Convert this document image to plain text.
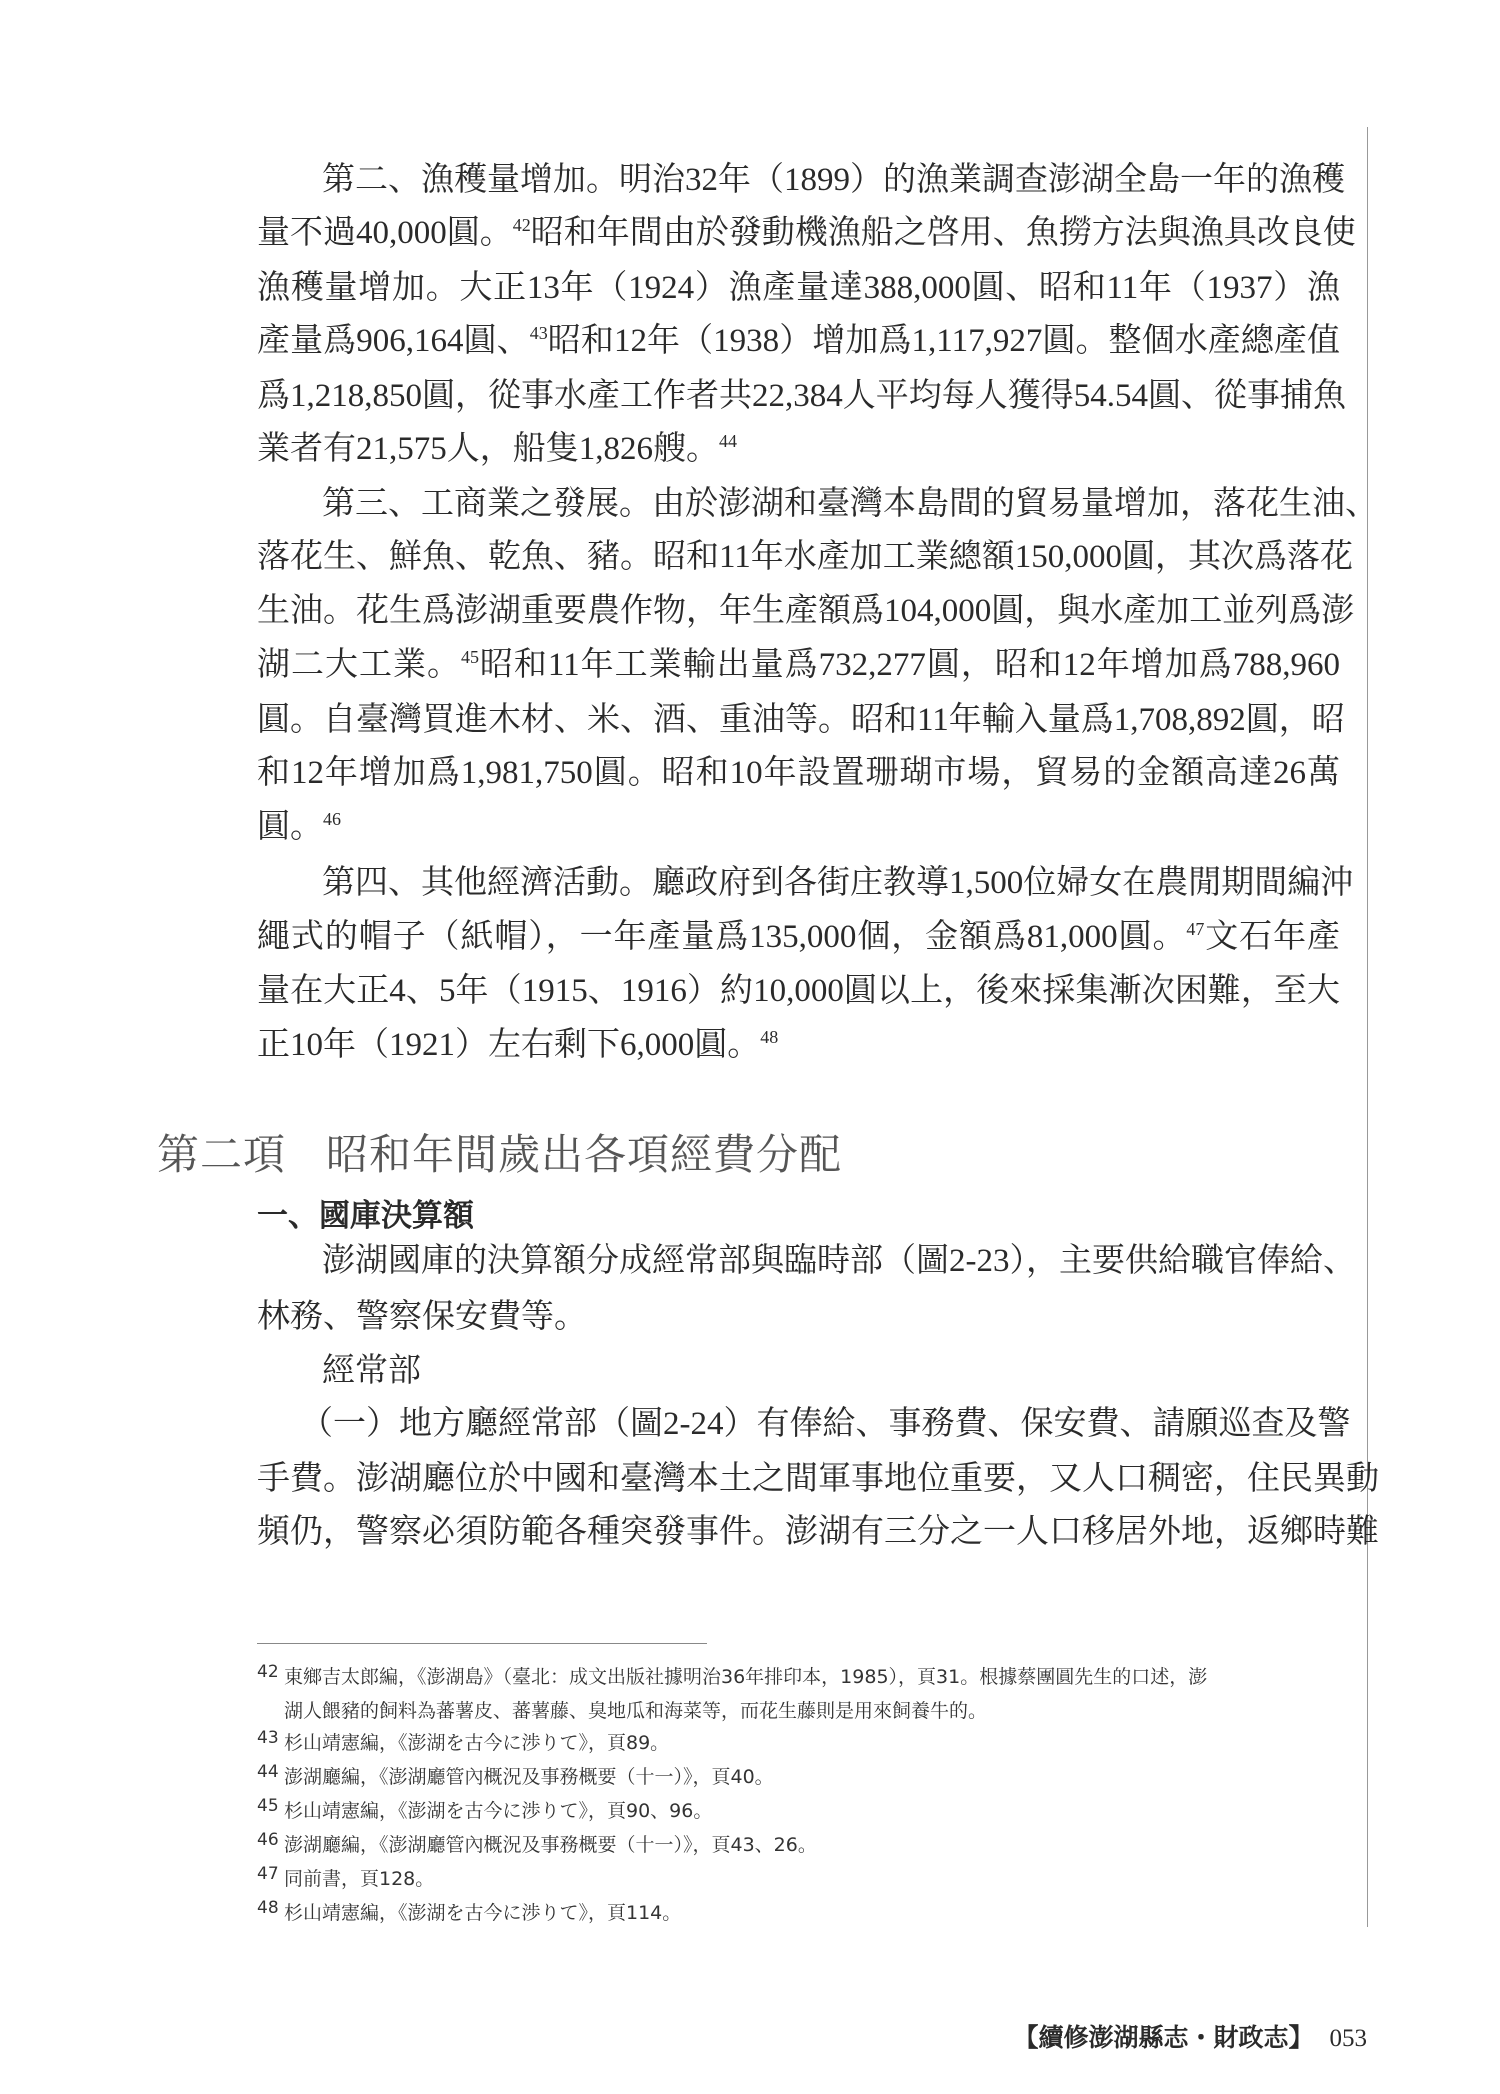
第二、漁穫量增加。明治32年（1899）的漁業調查澎湖全島一年的漁穫
量不過40,000圓。$^{42}$昭和年間由於發動機漁船之啓用、魚撈方法與漁具改良使
漁穫量增加。大正13年（1924）漁產量達388,000圓、昭和11年（1937）漁
產量爲906,164圓、$^{43}$昭和12年（1938）增加爲1,117,927圓。整個水產總產值
爲1,218,850圓，從事水產工作者共22,384人平均每人獲得54.54圓、從事捕魚
業者有21,575人，船隻1,826艘。$^{44}$
第三、工商業之發展。由於澎湖和臺灣本島間的貿易量增加，落花生油、
落花生、鮮魚、乾魚、豬。昭和11年水產加工業總額150,000圓，其次爲落花
生油。花生爲澎湖重要農作物，年生產額爲104,000圓，與水產加工並列爲澎
湖二大工業。$^{45}$昭和11年工業輸出量爲732,277圓，昭和12年增加爲788,960
圓。自臺灣買進木材、米、酒、重油等。昭和11年輸入量爲1,708,892圓，昭
和12年增加爲1,981,750圓。昭和10年設置珊瑚市場，貿易的金額高達26萬
圓。$^{46}$
第四、其他經濟活動。廳政府到各街庄教導1,500位婦女在農閒期間編沖
繩式的帽子（紙帽），一年產量爲135,000個，金額爲81,000圓。$^{47}$文石年產
量在大正4、5年（1915、1916）約10,000圓以上，後來採集漸次困難，至大
正10年（1921）左右剩下6,000圓。$^{48}$
澎湖國庫的決算額分成經常部與臨時部（圖2-23），主要供給職官俸給、
林務、警察保安費等。
經常部
（一）地方廳經常部（圖2-24）有俸給、事務費、保安費、請願巡查及警
手費。澎湖廳位於中國和臺灣本土之間軍事地位重要，又人口稠密，住民異動
頻仍，警察必須防範各種突發事件。澎湖有三分之一人口移居外地，返鄉時難
第二項 昭和年間歲出各項經費分配
一、國庫決算額
42 東鄉吉太郎編，《澎湖島》（臺北：成文出版社據明治36年排印本，1985），頁31。根據蔡團圓先生的口述，澎
湖人餵豬的飼料為蕃薯皮、蕃薯藤、臭地瓜和海菜等，而花生藤則是用來飼養牛的。
43 杉山靖憲編，《澎湖を古今に渉りて》，頁89。
44 澎湖廳編，《澎湖廳管內概況及事務概要（十一）》，頁40。
45 杉山靖憲編，《澎湖を古今に渉りて》，頁90、96。
46 澎湖廳編，《澎湖廳管內概況及事務概要（十一）》，頁43、26。
47 同前書，頁128。
48 杉山靖憲編，《澎湖を古今に渉りて》，頁114。
【續修澎湖縣志・財政志】 053
